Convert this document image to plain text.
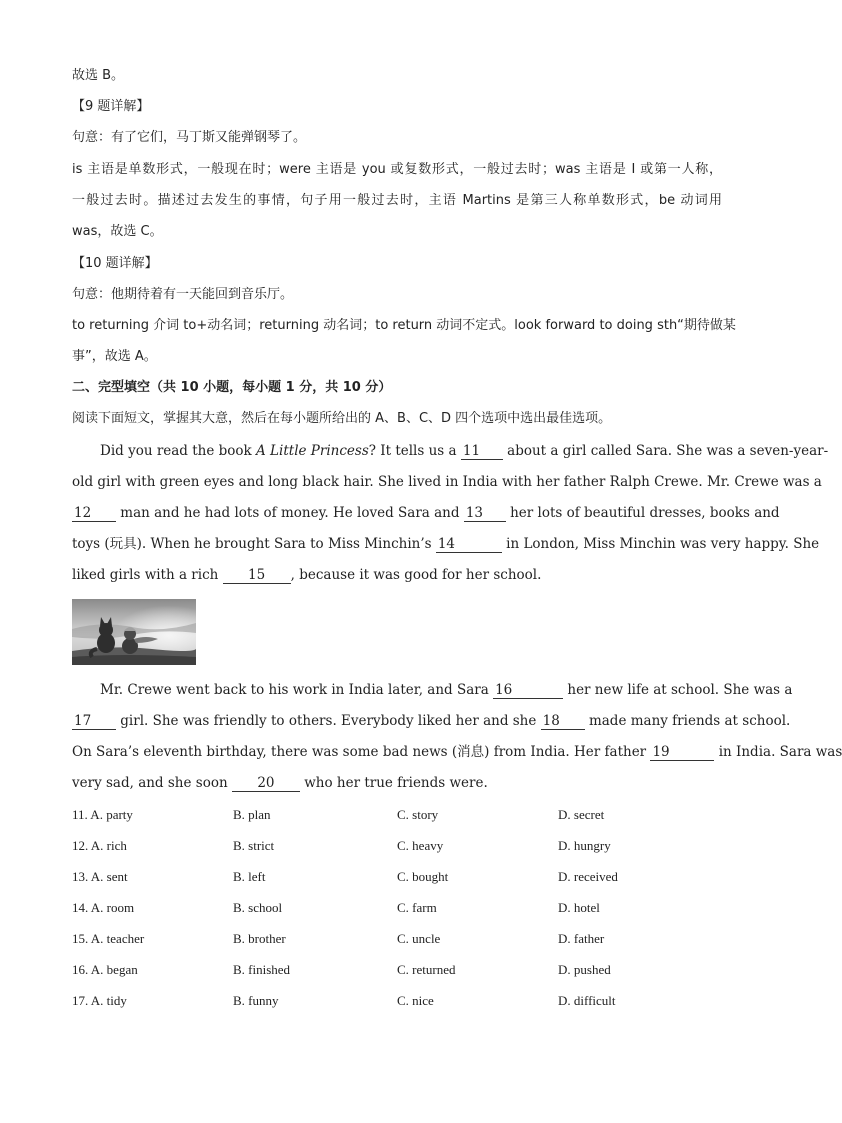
故选 B。
【9 题详解】
句意：有了它们，马丁斯又能弹钢琴了。
is 主语是单数形式，一般现在时；were 主语是 you 或复数形式，一般过去时；was 主语是 I 或第一人称，
一般过去时。描述过去发生的事情，句子用一般过去时，主语 Martins 是第三人称单数形式，be 动词用
was，故选 C。
【10 题详解】
句意：他期待着有一天能回到音乐厅。
to returning 介词 to+动名词；returning 动名词；to return 动词不定式。look forward to doing sth“期待做某
事”，故选 A。
二、完型填空（共 10 小题，每小题 1 分，共 10 分）
阅读下面短文，掌握其大意，然后在每小题所给出的 A、B、C、D 四个选项中选出最佳选项。
Did you read the book A Little Princess? It tells us a 11 about a girl called Sara. She was a seven-year-
old girl with green eyes and long black hair. She lived in India with her father Ralph Crewe. Mr. Crewe was a
12 man and he had lots of money. He loved Sara and 13 her lots of beautiful dresses, books and
toys (玩具). When he brought Sara to Miss Minchin’s 14	in London, Miss Minchin was very happy. She
liked girls with a rich 15 , because it was good for her school.
Mr. Crewe went back to his work in India later, and Sara 16	her new life at school. She was a
17 girl. She was friendly to others. Everybody liked her and she 18 made many friends at school.
On Sara’s eleventh birthday, there was some bad news (消息) from India. Her father 19	in India. Sara was
very sad, and she soon 20 who her true friends were.
11. A. party	B. plan	C. story	D. secret
12. A. rich	B. strict	C. heavy	D. hungry
13. A. sent	B. left	C. bought	D. received
14. A. room	B. school	C. farm	D. hotel
15. A. teacher	B. brother	C. uncle	D. father
16. A. began	B. finished	C. returned	D. pushed
17. A. tidy	B. funny	C. nice	D. difficult
